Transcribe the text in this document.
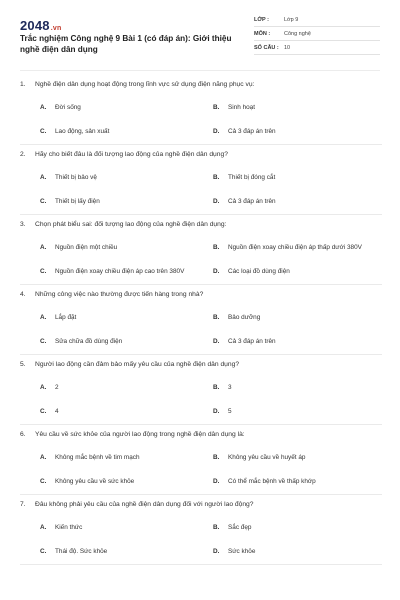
2048.vn
Trắc nghiệm Công nghệ 9 Bài 1 (có đáp án): Giới thiệu nghề điện dân dụng
LỚP :	Lớp 9
MÔN :	Công nghệ
SỐ CÂU : 10
1. Nghề điện dân dụng hoạt động trong lĩnh vực sử dụng điện năng phục vụ:
A.	Đời sống	B.	Sinh hoạt
C.	Lao động, sản xuất	D.	Cả 3 đáp án trên
2. Hãy cho biết đâu là đối tượng lao động của nghề điện dân dụng?
A.	Thiết bị bảo vệ	B.	Thiết bị đóng cắt
C.	Thiết bị lấy điện	D.	Cả 3 đáp án trên
3. Chọn phát biểu sai: đối tượng lao động của nghề điện dân dụng:
A.	Nguồn điện một chiều	B.	Nguồn điện xoay chiều điện áp thấp dưới 380V
C.	Nguồn điện xoay chiều điện áp cao trên 380V	D.	Các loại đồ dùng điện
4. Những công việc nào thường được tiến hàng trong nhà?
A.	Lắp đặt	B.	Bảo dưỡng
C.	Sửa chữa đồ dùng điện	D.	Cả 3 đáp án trên
5. Người lao động cần đảm bảo mấy yêu cầu của nghề điện dân dụng?
A.	2	B.	3
C.	4	D.	5
6. Yêu cầu về sức khỏe của người lao động trong nghề điện dân dụng là:
A.	Không mắc bệnh về tim mạch	B.	Không yêu cầu về huyết áp
C.	Không yêu cầu về sức khỏe	D.	Có thể mắc bệnh về thấp khớp
7. Đâu không phải yêu cầu của nghề điện dân dụng đối với người lao động?
A.	Kiến thức	B.	Sắc đẹp
C.	Thái độ. Sức khỏe	D.	Sức khỏe
